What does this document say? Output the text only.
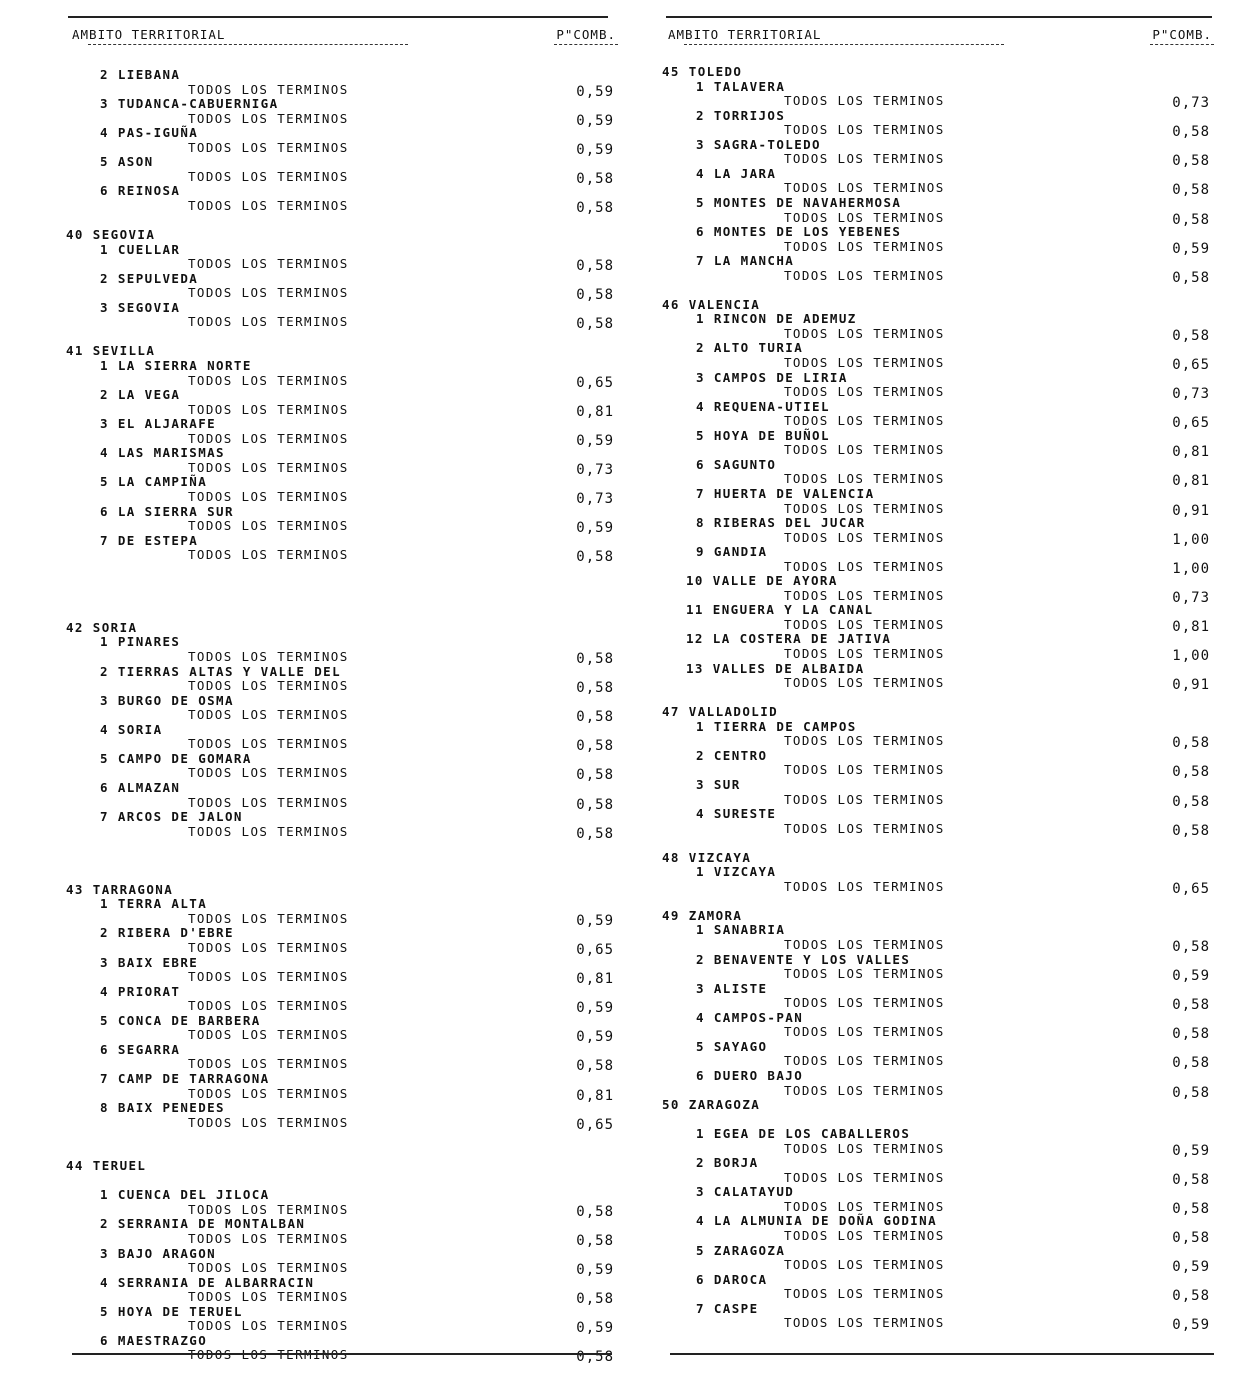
AMBITO TERRITORIAL	P"COMB.
2 LIEBANA
TODOS LOS TERMINOS	0,59
3 TUDANCA-CABUERNIGA
TODOS LOS TERMINOS	0,59
4 PAS-IGUÑA
TODOS LOS TERMINOS	0,59
5 ASON
TODOS LOS TERMINOS	0,58
6 REINOSA
TODOS LOS TERMINOS	0,58
40 SEGOVIA
1 CUELLAR
TODOS LOS TERMINOS	0,58
2 SEPULVEDA
TODOS LOS TERMINOS	0,58
3 SEGOVIA
TODOS LOS TERMINOS	0,58
41 SEVILLA
1 LA SIERRA NORTE
TODOS LOS TERMINOS	0,65
2 LA VEGA
TODOS LOS TERMINOS	0,81
3 EL ALJARAFE
TODOS LOS TERMINOS	0,59
4 LAS MARISMAS
TODOS LOS TERMINOS	0,73
5 LA CAMPIÑA
TODOS LOS TERMINOS	0,73
6 LA SIERRA SUR
TODOS LOS TERMINOS	0,59
7 DE ESTEPA
TODOS LOS TERMINOS	0,58
42 SORIA
1 PINARES
TODOS LOS TERMINOS	0,58
2 TIERRAS ALTAS Y VALLE DEL
TODOS LOS TERMINOS	0,58
3 BURGO DE OSMA
TODOS LOS TERMINOS	0,58
4 SORIA
TODOS LOS TERMINOS	0,58
5 CAMPO DE GOMARA
TODOS LOS TERMINOS	0,58
6 ALMAZAN
TODOS LOS TERMINOS	0,58
7 ARCOS DE JALON
TODOS LOS TERMINOS	0,58
43 TARRAGONA
1 TERRA ALTA
TODOS LOS TERMINOS	0,59
2 RIBERA D'EBRE
TODOS LOS TERMINOS	0,65
3 BAIX EBRE
TODOS LOS TERMINOS	0,81
4 PRIORAT
TODOS LOS TERMINOS	0,59
5 CONCA DE BARBERA
TODOS LOS TERMINOS	0,59
6 SEGARRA
TODOS LOS TERMINOS	0,58
7 CAMP DE TARRAGONA
TODOS LOS TERMINOS	0,81
8 BAIX PENEDES
TODOS LOS TERMINOS	0,65
44 TERUEL
1 CUENCA DEL JILOCA
TODOS LOS TERMINOS	0,58
2 SERRANIA DE MONTALBAN
TODOS LOS TERMINOS	0,58
3 BAJO ARAGON
TODOS LOS TERMINOS	0,59
4 SERRANIA DE ALBARRACIN
TODOS LOS TERMINOS	0,58
5 HOYA DE TERUEL
TODOS LOS TERMINOS	0,59
6 MAESTRAZGO
TODOS LOS TERMINOS	0,58
AMBITO TERRITORIAL	P"COMB.
45 TOLEDO
1 TALAVERA
TODOS LOS TERMINOS	0,73
2 TORRIJOS
TODOS LOS TERMINOS	0,58
3 SAGRA-TOLEDO
TODOS LOS TERMINOS	0,58
4 LA JARA
TODOS LOS TERMINOS	0,58
5 MONTES DE NAVAHERMOSA
TODOS LOS TERMINOS	0,58
6 MONTES DE LOS YEBENES
TODOS LOS TERMINOS	0,59
7 LA MANCHA
TODOS LOS TERMINOS	0,58
46 VALENCIA
1 RINCON DE ADEMUZ
TODOS LOS TERMINOS	0,58
2 ALTO TURIA
TODOS LOS TERMINOS	0,65
3 CAMPOS DE LIRIA
TODOS LOS TERMINOS	0,73
4 REQUENA-UTIEL
TODOS LOS TERMINOS	0,65
5 HOYA DE BUÑOL
TODOS LOS TERMINOS	0,81
6 SAGUNTO
TODOS LOS TERMINOS	0,81
7 HUERTA DE VALENCIA
TODOS LOS TERMINOS	0,91
8 RIBERAS DEL JUCAR
TODOS LOS TERMINOS	1,00
9 GANDIA
TODOS LOS TERMINOS	1,00
10 VALLE DE AYORA
TODOS LOS TERMINOS	0,73
11 ENGUERA Y LA CANAL
TODOS LOS TERMINOS	0,81
12 LA COSTERA DE JATIVA
TODOS LOS TERMINOS	1,00
13 VALLES DE ALBAIDA
TODOS LOS TERMINOS	0,91
47 VALLADOLID
1 TIERRA DE CAMPOS
TODOS LOS TERMINOS	0,58
2 CENTRO
TODOS LOS TERMINOS	0,58
3 SUR
TODOS LOS TERMINOS	0,58
4 SURESTE
TODOS LOS TERMINOS	0,58
48 VIZCAYA
1 VIZCAYA
TODOS LOS TERMINOS	0,65
49 ZAMORA
1 SANABRIA
TODOS LOS TERMINOS	0,58
2 BENAVENTE Y LOS VALLES
TODOS LOS TERMINOS	0,59
3 ALISTE
TODOS LOS TERMINOS	0,58
4 CAMPOS-PAN
TODOS LOS TERMINOS	0,58
5 SAYAGO
TODOS LOS TERMINOS	0,58
6 DUERO BAJO
TODOS LOS TERMINOS	0,58
50 ZARAGOZA
1 EGEA DE LOS CABALLEROS
TODOS LOS TERMINOS	0,59
2 BORJA
TODOS LOS TERMINOS	0,58
3 CALATAYUD
TODOS LOS TERMINOS	0,58
4 LA ALMUNIA DE DOÑA GODINA
TODOS LOS TERMINOS	0,58
5 ZARAGOZA
TODOS LOS TERMINOS	0,59
6 DAROCA
TODOS LOS TERMINOS	0,58
7 CASPE
TODOS LOS TERMINOS	0,59
